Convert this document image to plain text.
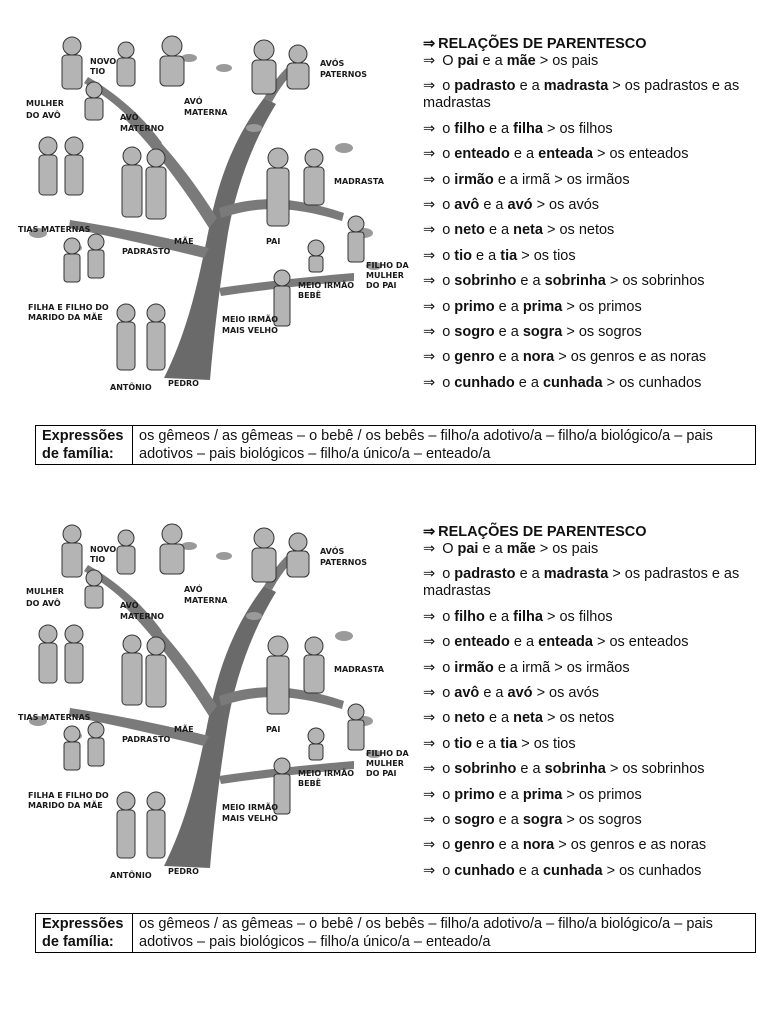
NOVO TIO
MULHER DO AVÔ	AVÔ MATERNO
AVÓ MATERNA
AVÓS PATERNOS
MADRASTA
TIAS MATERNAS
PADRASTO
MÃE	PAI
MEIO IRMÃO BEBÊ
FILHO DA MULHER DO PAI
FILHA E FILHO DO MARIDO DA MÃE	MEIO IRMÃO MAIS VELHO
ANTÔNIO PEDRO
⇒ RELAÇÕES DE PARENTESCO
⇒ O pai e a mãe > os pais
⇒ o padrasto e a madrasta > os padrastos e as madrastas
⇒ o filho e a filha > os filhos
⇒ o enteado e a enteada > os enteados
⇒ o irmão e a irmã > os irmãos
⇒ o avô e a avó > os avós
⇒ o neto e a neta > os netos
⇒ o tio e a tia > os tios
⇒ o sobrinho e a sobrinha > os sobrinhos
⇒ o primo e a prima > os primos
⇒ o sogro e a sogra > os sogros
⇒ o genro e a nora > os genros e as noras
⇒ o cunhado e a cunhada > os cunhados
Expressões de família:	os gêmeos / as gêmeas – o bebê / os bebês – filho/a adotivo/a – filho/a biológico/a – pais adotivos – pais biológicos – filho/a único/a – enteado/a
NOVO TIO
MULHER DO AVÔ	AVÔ MATERNO
AVÓ MATERNA
AVÓS PATERNOS
MADRASTA
TIAS MATERNAS
PADRASTO
MÃE	PAI
MEIO IRMÃO BEBÊ
FILHO DA MULHER DO PAI
FILHA E FILHO DO MARIDO DA MÃE	MEIO IRMÃO MAIS VELHO
ANTÔNIO PEDRO
⇒ RELAÇÕES DE PARENTESCO
⇒ O pai e a mãe > os pais
⇒ o padrasto e a madrasta > os padrastos e as madrastas
⇒ o filho e a filha > os filhos
⇒ o enteado e a enteada > os enteados
⇒ o irmão e a irmã > os irmãos
⇒ o avô e a avó > os avós
⇒ o neto e a neta > os netos
⇒ o tio e a tia > os tios
⇒ o sobrinho e a sobrinha > os sobrinhos
⇒ o primo e a prima > os primos
⇒ o sogro e a sogra > os sogros
⇒ o genro e a nora > os genros e as noras
⇒ o cunhado e a cunhada > os cunhados
Expressões de família:	os gêmeos / as gêmeas – o bebê / os bebês – filho/a adotivo/a – filho/a biológico/a – pais adotivos – pais biológicos – filho/a único/a – enteado/a
